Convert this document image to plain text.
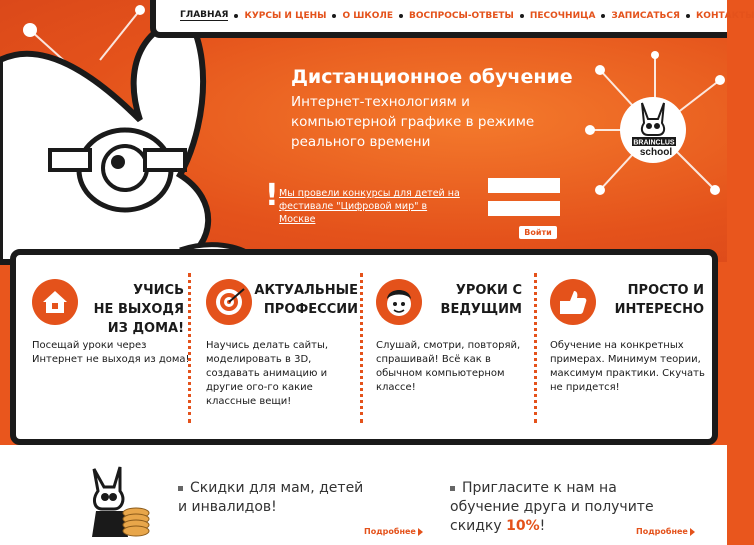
ГЛАВНАЯ КУРСЫ И ЦЕНЫ О ШКОЛЕ ВОСПРОСЫ-ОТВЕТЫ ПЕСОЧНИЦА ЗАПИСАТЬСЯ КОНТАКТЫ
Дистанционное обучение
Интернет-технологиям и компьютерной графике в режиме реального времени
! Мы провели конкурсы для детей на фестивале "Цифровой мир" в Москве
Войти
BRAINCLUS
school
УЧИСЬ
НЕ ВЫХОДЯ
ИЗ ДОМА!
Посещай уроки через Интернет не выходя из дома!
АКТУАЛЬНЫЕ
ПРОФЕССИИ
Научись делать сайты, моделировать в 3D, создавать анимацию и другие ого-го какие классные вещи!
УРОКИ С
ВЕДУЩИМ
Слушай, смотри, повторяй, спрашивай! Всё как в обычном компьютерном классе!
ПРОСТО И
ИНТЕРЕСНО
Обучение на конкретных примерах. Минимум теории, максимум практики. Скучать не придется!
Скидки для мам, детей и инвалидов!
Подробнее
Пригласите к нам на обучение друга и получите скидку 10%!	Подробнее
